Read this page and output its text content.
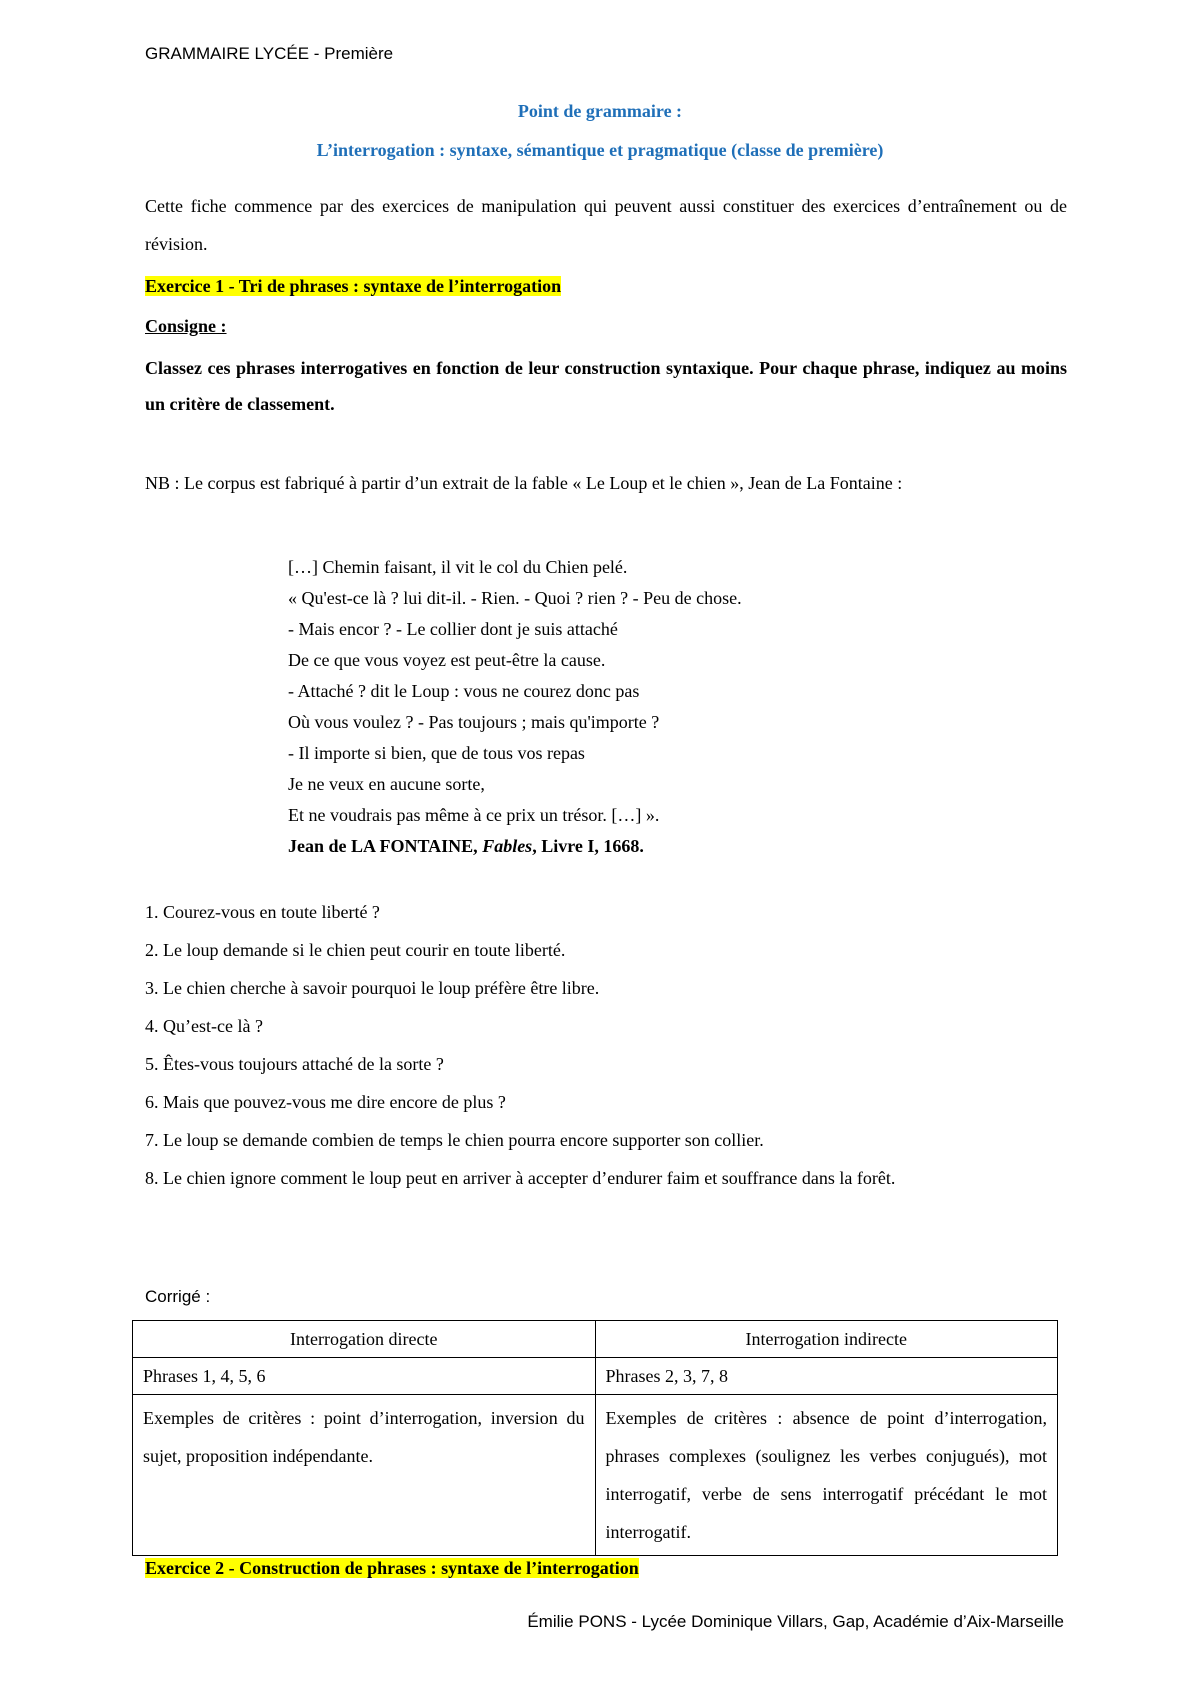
GRAMMAIRE LYCÉE - Première
Point de grammaire :
L’interrogation : syntaxe, sémantique et pragmatique (classe de première)
Cette fiche commence par des exercices de manipulation qui peuvent aussi constituer des exercices d’entraînement ou de révision.
Exercice 1 - Tri de phrases : syntaxe de l’interrogation
Consigne :
Classez ces phrases interrogatives en fonction de leur construction syntaxique. Pour chaque phrase, indiquez au moins un critère de classement.
NB : Le corpus est fabriqué à partir d’un extrait de la fable « Le Loup et le chien », Jean de La Fontaine :
[…] Chemin faisant, il vit le col du Chien pelé.
« Qu'est-ce là ? lui dit-il. - Rien. - Quoi ? rien ? - Peu de chose.
- Mais encor ? - Le collier dont je suis attaché
De ce que vous voyez est peut-être la cause.
- Attaché ? dit le Loup : vous ne courez donc pas
Où vous voulez ? - Pas toujours ; mais qu'importe ?
- Il importe si bien, que de tous vos repas
Je ne veux en aucune sorte,
Et ne voudrais pas même à ce prix un trésor. […] ».
Jean de LA FONTAINE, Fables, Livre I, 1668.
1. Courez-vous en toute liberté ?
2. Le loup demande si le chien peut courir en toute liberté.
3. Le chien cherche à savoir pourquoi le loup préfère être libre.
4. Qu’est-ce là ?
5. Êtes-vous toujours attaché de la sorte ?
6. Mais que pouvez-vous me dire encore de plus ?
7. Le loup se demande combien de temps le chien pourra encore supporter son collier.
8. Le chien ignore comment le loup peut en arriver à accepter d’endurer faim et souffrance dans la forêt.
Corrigé :
Interrogation directe	Interrogation indirecte
Phrases 1, 4, 5, 6	Phrases 2, 3, 7, 8
Exemples de critères : point d’interrogation, inversion du sujet, proposition indépendante.	Exemples de critères : absence de point d’interrogation, phrases complexes (soulignez les verbes conjugués), mot interrogatif, verbe de sens interrogatif précédant le mot interrogatif.
Exercice 2 - Construction de phrases : syntaxe de l’interrogation
Émilie PONS - Lycée Dominique Villars, Gap, Académie d’Aix-Marseille
